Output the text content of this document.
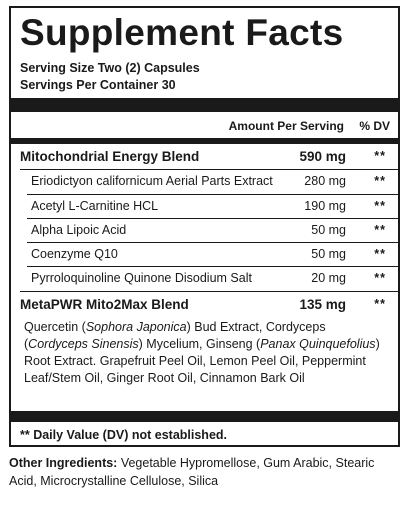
Supplement Facts
Serving Size Two (2) Capsules
Servings Per Container 30
Amount Per Serving % DV
Mitochondrial Energy Blend	590 mg **
Eriodictyon californicum Aerial Parts Extract	280 mg **
Acetyl L-Carnitine HCL	190 mg **
Alpha Lipoic Acid	50 mg **
Coenzyme Q10	50 mg **
Pyrroloquinoline Quinone Disodium Salt	20 mg **
MetaPWR Mito2Max Blend	135 mg **
Quercetin (Sophora Japonica) Bud Extract, Cordyceps (Cordyceps Sinensis) Mycelium, Ginseng (Panax Quinquefolius) Root Extract. Grapefruit Peel Oil, Lemon Peel Oil, Peppermint Leaf/Stem Oil, Ginger Root Oil, Cinnamon Bark Oil
** Daily Value (DV) not established.
Other Ingredients: Vegetable Hypromellose, Gum Arabic, Stearic Acid, Microcrystalline Cellulose, Silica
